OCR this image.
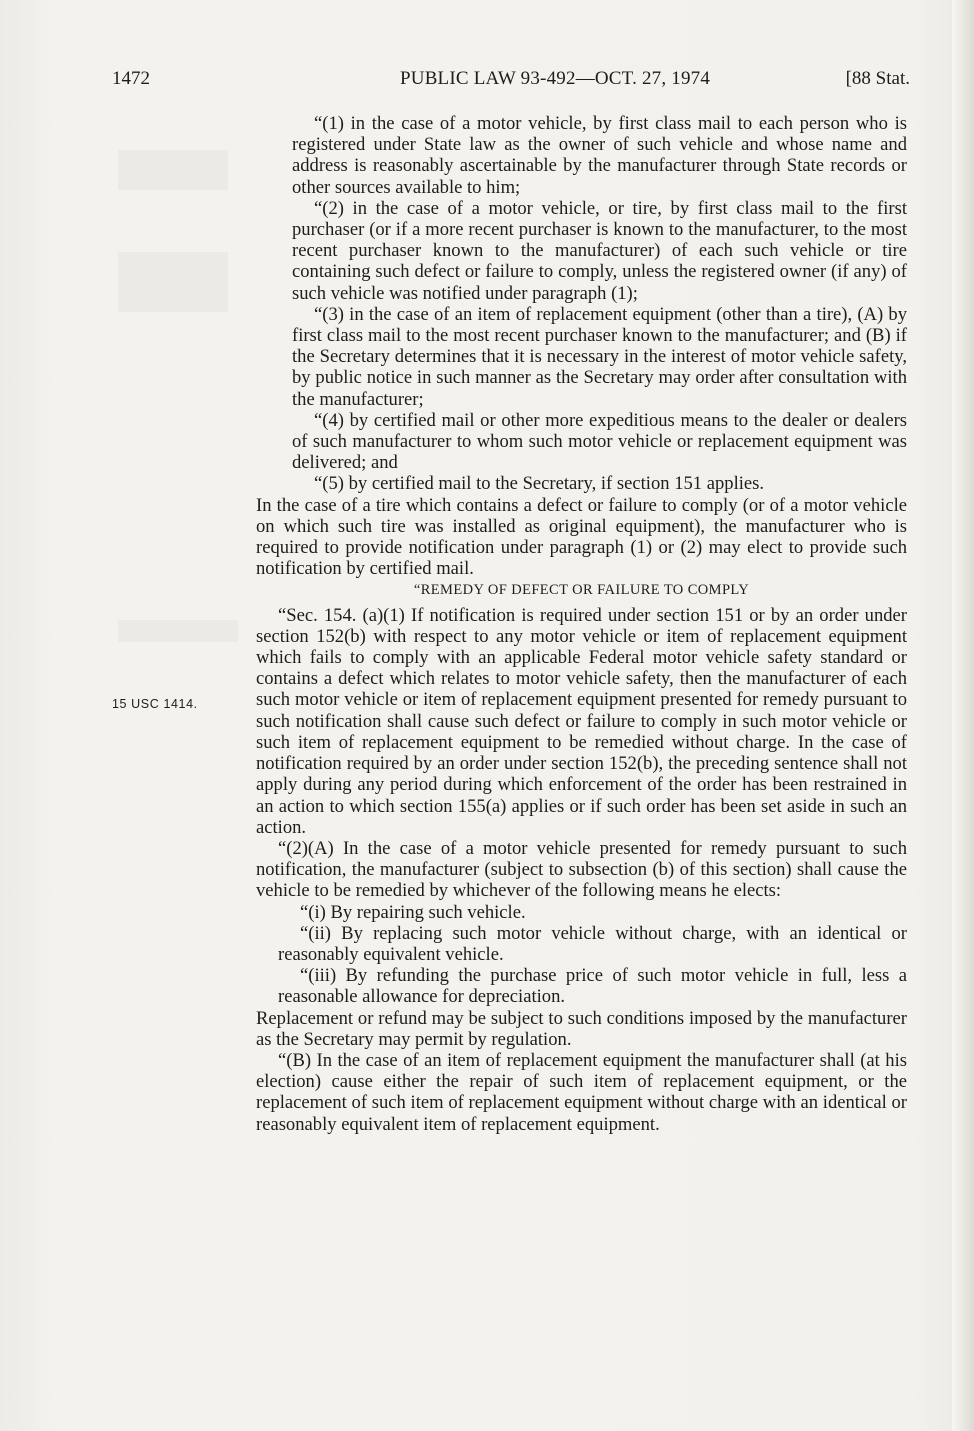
1472	PUBLIC LAW 93-492—OCT. 27, 1974	[88 Stat.
15 USC 1414.

“(1) in the case of a motor vehicle, by first class mail to each person who is registered under State law as the owner of such vehicle and whose name and address is reasonably ascertainable by the manufacturer through State records or other sources available to him;

“(2) in the case of a motor vehicle, or tire, by first class mail to the first purchaser (or if a more recent purchaser is known to the manufacturer, to the most recent purchaser known to the manufacturer) of each such vehicle or tire containing such defect or failure to comply, unless the registered owner (if any) of such vehicle was notified under paragraph (1);

“(3) in the case of an item of replacement equipment (other than a tire), (A) by first class mail to the most recent purchaser known to the manufacturer; and (B) if the Secretary determines that it is necessary in the interest of motor vehicle safety, by public notice in such manner as the Secretary may order after consultation with the manufacturer;

“(4) by certified mail or other more expeditious means to the dealer or dealers of such manufacturer to whom such motor vehicle or replacement equipment was delivered; and

“(5) by certified mail to the Secretary, if section 151 applies.

In the case of a tire which contains a defect or failure to comply (or of a motor vehicle on which such tire was installed as original equipment), the manufacturer who is required to provide notification under paragraph (1) or (2) may elect to provide such notification by certified mail.

“REMEDY OF DEFECT OR FAILURE TO COMPLY

“Sec. 154. (a)(1) If notification is required under section 151 or by an order under section 152(b) with respect to any motor vehicle or item of replacement equipment which fails to comply with an applicable Federal motor vehicle safety standard or contains a defect which relates to motor vehicle safety, then the manufacturer of each such motor vehicle or item of replacement equipment presented for remedy pursuant to such notification shall cause such defect or failure to comply in such motor vehicle or such item of replacement equipment to be remedied without charge. In the case of notification required by an order under section 152(b), the preceding sentence shall not apply during any period during which enforcement of the order has been restrained in an action to which section 155(a) applies or if such order has been set aside in such an action.

“(2)(A) In the case of a motor vehicle presented for remedy pursuant to such notification, the manufacturer (subject to subsection (b) of this section) shall cause the vehicle to be remedied by whichever of the following means he elects:

“(i) By repairing such vehicle.

“(ii) By replacing such motor vehicle without charge, with an identical or reasonably equivalent vehicle.

“(iii) By refunding the purchase price of such motor vehicle in full, less a reasonable allowance for depreciation.

Replacement or refund may be subject to such conditions imposed by the manufacturer as the Secretary may permit by regulation.

“(B) In the case of an item of replacement equipment the manufacturer shall (at his election) cause either the repair of such item of replacement equipment, or the replacement of such item of replacement equipment without charge with an identical or reasonably equivalent item of replacement equipment.
